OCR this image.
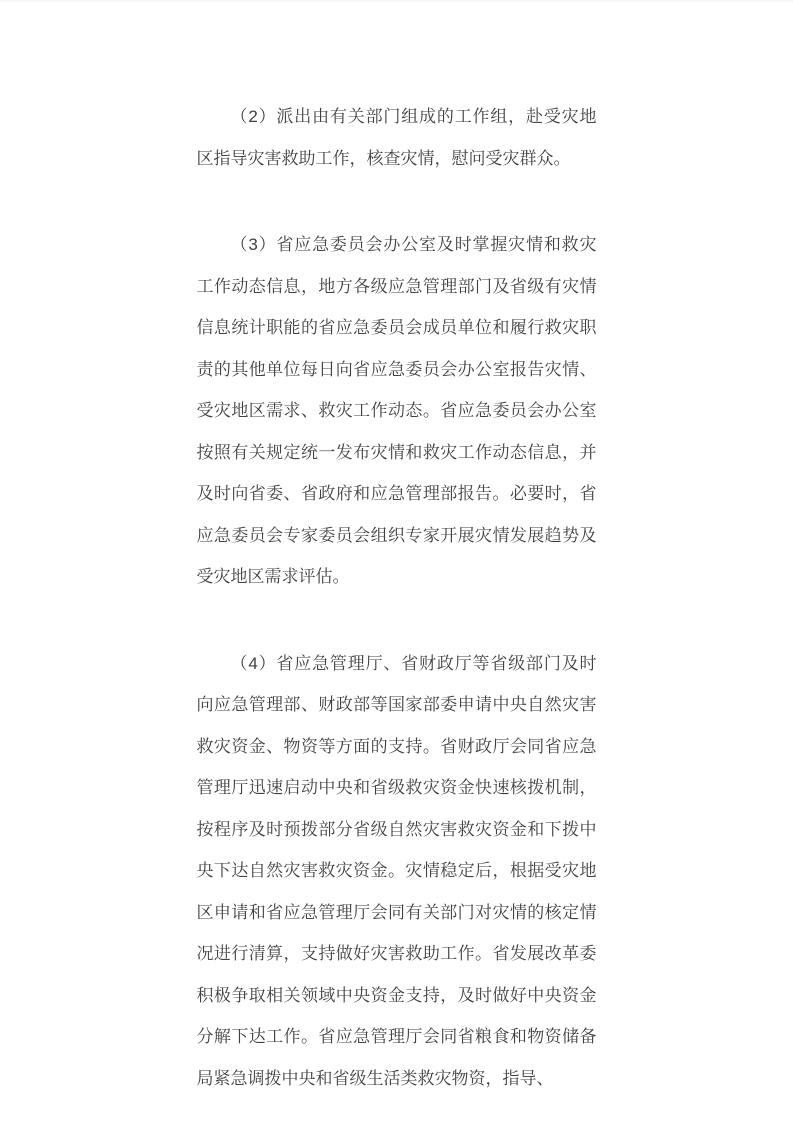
（2）派出由有关部门组成的工作组，赴受灾地区指导灾害救助工作，核查灾情，慰问受灾群众。

（3）省应急委员会办公室及时掌握灾情和救灾工作动态信息，地方各级应急管理部门及省级有灾情信息统计职能的省应急委员会成员单位和履行救灾职责的其他单位每日向省应急委员会办公室报告灾情、受灾地区需求、救灾工作动态。省应急委员会办公室按照有关规定统一发布灾情和救灾工作动态信息，并及时向省委、省政府和应急管理部报告。必要时，省应急委员会专家委员会组织专家开展灾情发展趋势及受灾地区需求评估。

（4）省应急管理厅、省财政厅等省级部门及时向应急管理部、财政部等国家部委申请中央自然灾害救灾资金、物资等方面的支持。省财政厅会同省应急管理厅迅速启动中央和省级救灾资金快速核拨机制，按程序及时预拨部分省级自然灾害救灾资金和下拨中央下达自然灾害救灾资金。灾情稳定后，根据受灾地区申请和省应急管理厅会同有关部门对灾情的核定情况进行清算，支持做好灾害救助工作。省发展改革委积极争取相关领域中央资金支持，及时做好中央资金分解下达工作。省应急管理厅会同省粮食和物资储备局紧急调拨中央和省级生活类救灾物资，指导、
